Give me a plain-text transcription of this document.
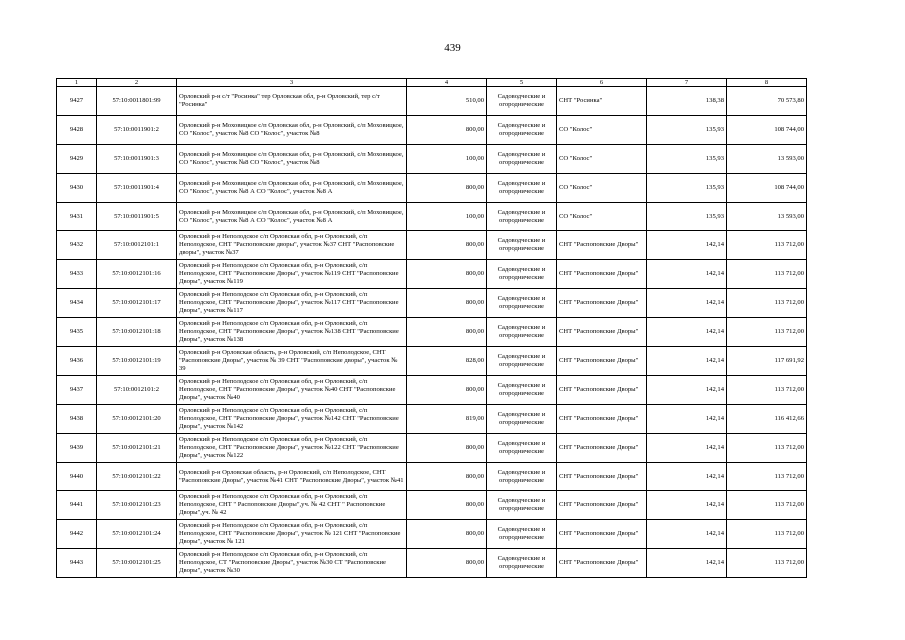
439
1	2	3	4	5	6	7	8
9427	57:10:0011801:99	Орловский р-н с/т "Росинка" тер Орловская обл, р-н Орловский, тер с/т "Росинка"	510,00	Садоводческие и огороднические	СНТ "Росинка"	138,38	70 573,80
9428	57:10:0011901:2	Орловский р-н Моховицкое с/п Орловская обл, р-н Орловский, с/п Моховицкое, СО "Колос", участок №8 СО "Колос", участок №8	800,00	Садоводческие и огороднические	СО "Колос"	135,93	108 744,00
9429	57:10:0011901:3	Орловский р-н Моховицкое с/п Орловская обл, р-н Орловский, с/п Моховицкое, СО "Колос", участок №8 СО "Колос", участок №8	100,00	Садоводческие и огороднические	СО "Колос"	135,93	13 593,00
9430	57:10:0011901:4	Орловский р-н Моховицкое с/п Орловская обл, р-н Орловский, с/п Моховицкое, СО "Колос", участок №8 А СО "Колос", участок №8 А	800,00	Садоводческие и огороднические	СО "Колос"	135,93	108 744,00
9431	57:10:0011901:5	Орловский р-н Моховицкое с/п Орловская обл, р-н Орловский, с/п Моховицкое, СО "Колос", участок №8 А СО "Колос", участок №8 А	100,00	Садоводческие и огороднические	СО "Колос"	135,93	13 593,00
9432	57:10:0012101:1	Орловский р-н Неполодское с/п Орловская обл, р-н Орловский, с/п Неполодское, СНТ "Распоповские дворы", участок №37 СНТ "Распоповские дворы", участок №37	800,00	Садоводческие и огороднические	СНТ "Распоповские Дворы"	142,14	113 712,00
9433	57:10:0012101:16	Орловский р-н Неполодское с/п Орловская обл, р-н Орловский, с/п Неполодское, СНТ "Распоповские Дворы", участок №119 СНТ "Распоповские Дворы", участок №119	800,00	Садоводческие и огороднические	СНТ "Распоповские Дворы"	142,14	113 712,00
9434	57:10:0012101:17	Орловский р-н Неполодское с/п Орловская обл, р-н Орловский, с/п Неполодское, СНТ "Распоповские Дворы", участок №117 СНТ "Распоповские Дворы", участок №117	800,00	Садоводческие и огороднические	СНТ "Распоповские Дворы"	142,14	113 712,00
9435	57:10:0012101:18	Орловский р-н Неполодское с/п Орловская обл, р-н Орловский, с/п Неполодское, СНТ "Распоповские Дворы", участок №138 СНТ "Распоповские Дворы", участок №138	800,00	Садоводческие и огороднические	СНТ "Распоповские Дворы"	142,14	113 712,00
9436	57:10:0012101:19	Орловский р-н Орловская область, р-н Орловский, с/п Неполодское, СНТ "Распоповские Дворы", участок № 39 СНТ "Распоповские дворы", участок № 39	828,00	Садоводческие и огороднические	СНТ "Распоповские Дворы"	142,14	117 691,92
9437	57:10:0012101:2	Орловский р-н Неполодское с/п Орловская обл, р-н Орловский, с/п Неполодское, СНТ "Распоповские Дворы", участок №40 СНТ "Распоповские Дворы", участок №40	800,00	Садоводческие и огороднические	СНТ "Распоповские Дворы"	142,14	113 712,00
9438	57:10:0012101:20	Орловский р-н Неполодское с/п Орловская обл, р-н Орловский, с/п Неполодское, СНТ "Распоповские Дворы", участок №142 СНТ "Распоповские Дворы", участок №142	819,00	Садоводческие и огороднические	СНТ "Распоповские Дворы"	142,14	116 412,66
9439	57:10:0012101:21	Орловский р-н Неполодское с/п Орловская обл, р-н Орловский, с/п Неполодское, СНТ "Распоповские Дворы", участок №122 СНТ "Распоповские Дворы", участок №122	800,00	Садоводческие и огороднические	СНТ "Распоповские Дворы"	142,14	113 712,00
9440	57:10:0012101:22	Орловский р-н Орловская область, р-н Орловский, с/п Неполодское, СНТ "Распоповские Дворы", участок №41 СНТ "Распоповские Дворы", участок №41	800,00	Садоводческие и огороднические	СНТ "Распоповские Дворы"	142,14	113 712,00
9441	57:10:0012101:23	Орловский р-н Неполодское с/п Орловская обл, р-н Орловский, с/п Неполодское, СНТ " Распоповские Дворы",уч. № 42 СНТ " Распоповские Дворы",уч. № 42	800,00	Садоводческие и огороднические	СНТ "Распоповские Дворы"	142,14	113 712,00
9442	57:10:0012101:24	Орловский р-н Неполодское с/п Орловская обл, р-н Орловский, с/п Неполодское, СНТ "Распоповские Дворы", участок № 121 СНТ "Распоповские Дворы", участок № 121	800,00	Садоводческие и огороднические	СНТ "Распоповские Дворы"	142,14	113 712,00
9443	57:10:0012101:25	Орловский р-н Неполодское с/п Орловская обл, р-н Орловский, с/п Неполодское, СТ "Распоповские Дворы", участок №30 СТ "Распоповские Дворы", участок №30	800,00	Садоводческие и огороднические	СНТ "Распоповские Дворы"	142,14	113 712,00
